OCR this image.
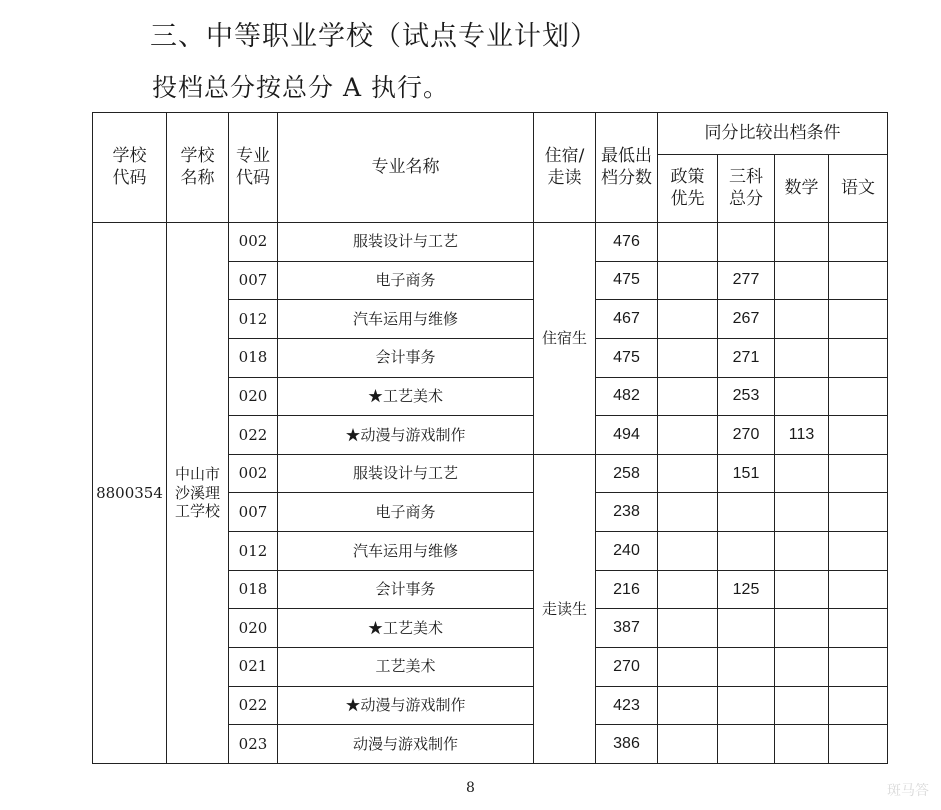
三、中等职业学校（试点专业计划）
投档总分按总分 A 执行。
学校代码	学校名称	专业代码	专业名称	住宿/走读	最低出档分数	同分比较出档条件			
						政策优先	三科总分	数学	语文
8800354	中山市沙溪理工学校	002	服装设计与工艺	住宿生	476				
		007	电子商务		475		277		
		012	汽车运用与维修		467		267		
		018	会计事务		475		271		
		020	★工艺美术		482		253		
		022	★动漫与游戏制作		494		270	113	
		002	服装设计与工艺	走读生	258		151		
		007	电子商务		238				
		012	汽车运用与维修		240				
		018	会计事务		216		125		
		020	★工艺美术		387				
		021	工艺美术		270				
		022	★动漫与游戏制作		423				
		023	动漫与游戏制作		386				
8	斑马答
